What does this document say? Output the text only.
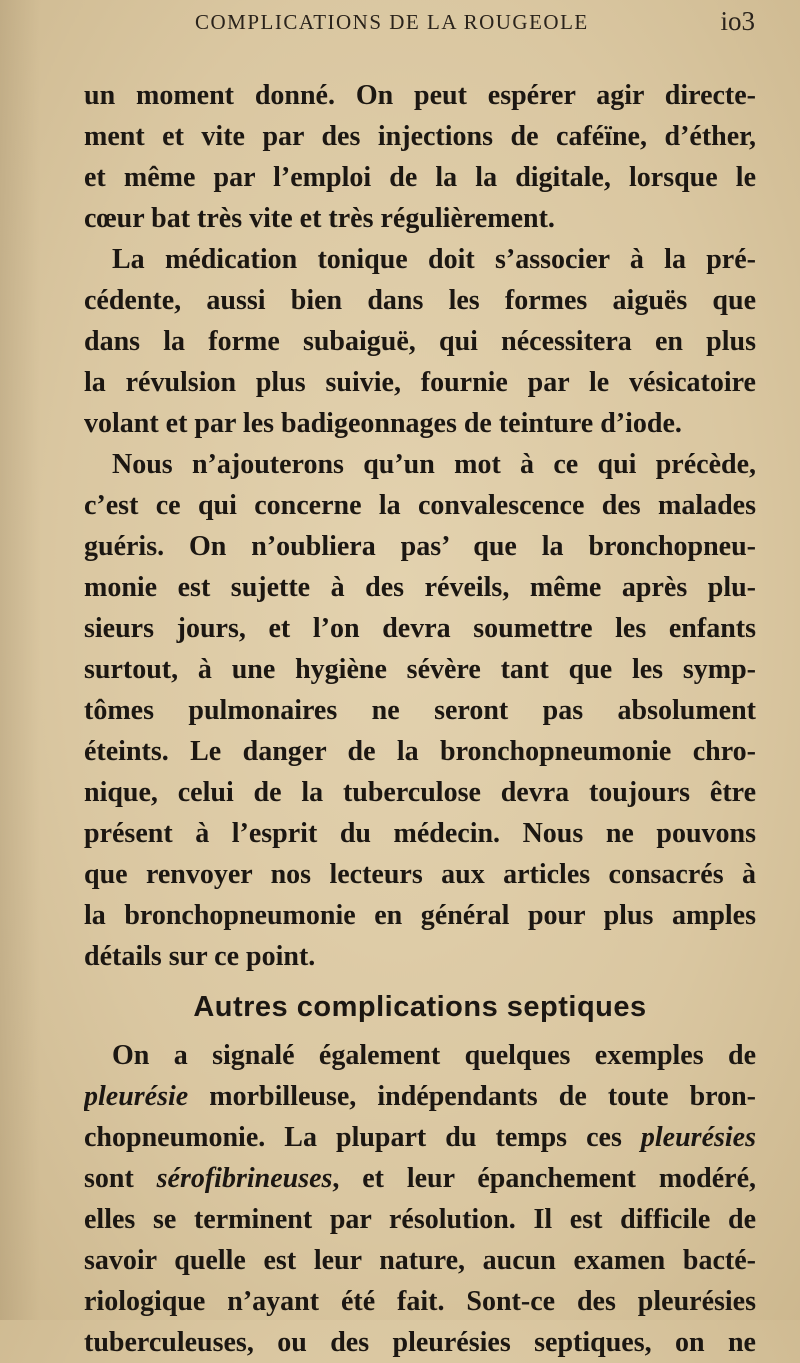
COMPLICATIONS DE LA ROUGEOLE	io3
un moment donné. On peut espérer agir directe-
ment et vite par des injections de caféïne, d’éther,
et même par l’emploi de la la digitale, lorsque le
cœur bat très vite et très régulièrement.
La médication tonique doit s’associer à la pré-
cédente, aussi bien dans les formes aiguës que
dans la forme subaiguë, qui nécessitera en plus
la révulsion plus suivie, fournie par le vésicatoire
volant et par les badigeonnages de teinture d’iode.
Nous n’ajouterons qu’un mot à ce qui précède,
c’est ce qui concerne la convalescence des malades
guéris. On n’oubliera pas’ que la bronchopneu-
monie est sujette à des réveils, même après plu-
sieurs jours, et l’on devra soumettre les enfants
surtout, à une hygiène sévère tant que les symp-
tômes pulmonaires ne seront pas absolument
éteints. Le danger de la bronchopneumonie chro-
nique, celui de la tuberculose devra toujours être
présent à l’esprit du médecin. Nous ne pouvons
que renvoyer nos lecteurs aux articles consacrés à
la bronchopneumonie en général pour plus amples
détails sur ce point.
Autres complications septiques
On a signalé également quelques exemples de
pleurésie morbilleuse, indépendants de toute bron-
chopneumonie. La plupart du temps ces pleurésies
sont sérofibrineuses, et leur épanchement modéré,
elles se terminent par résolution. Il est difficile de
savoir quelle est leur nature, aucun examen bacté-
riologique n’ayant été fait. Sont-ce des pleurésies
tuberculeuses, ou des pleurésies septiques, on ne
